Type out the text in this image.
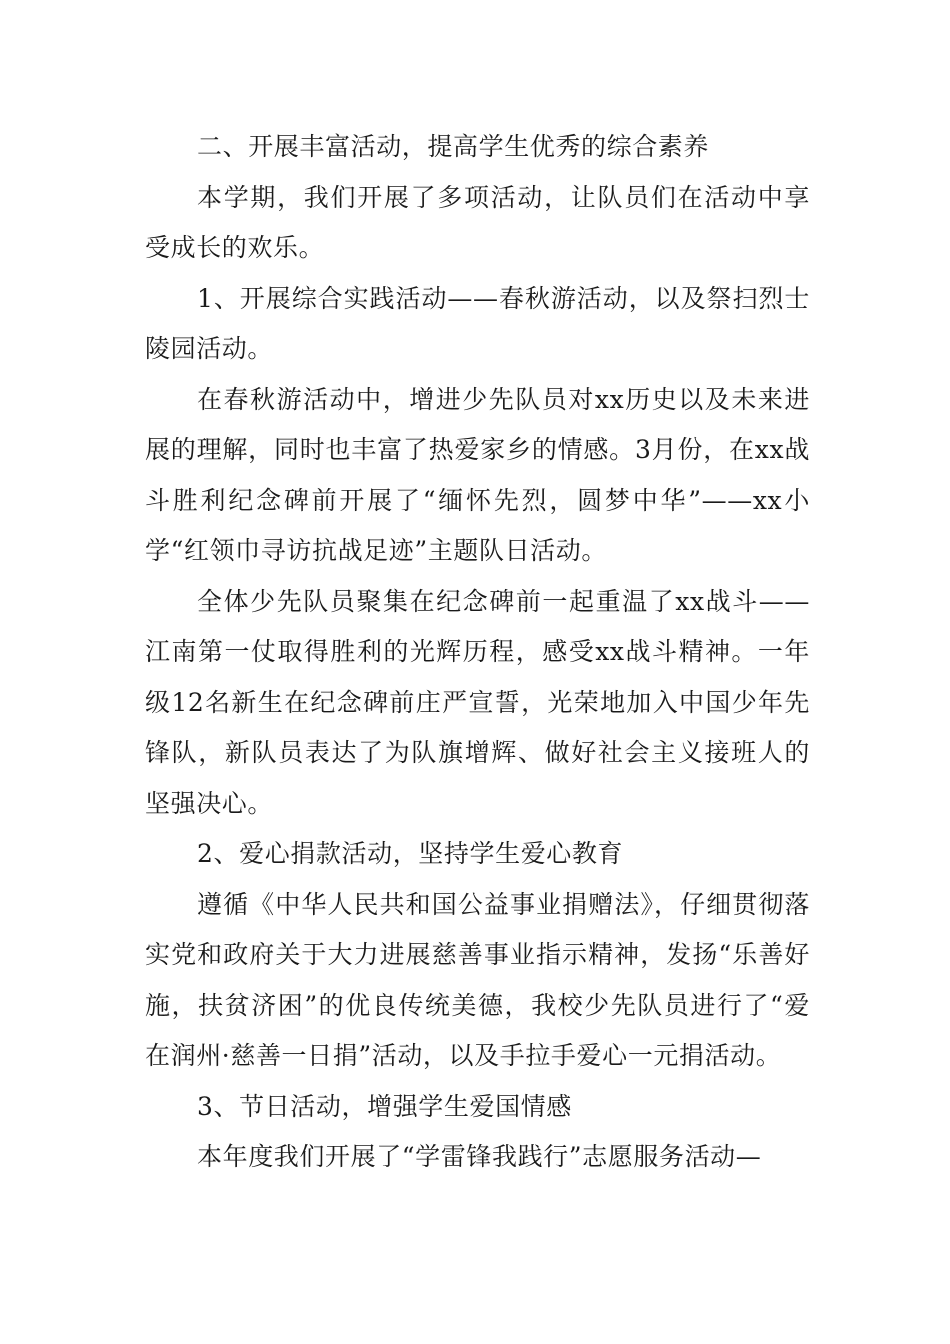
二、开展丰富活动，提高学生优秀的综合素养

本学期，我们开展了多项活动，让队员们在活动中享受成长的欢乐。

1、开展综合实践活动——春秋游活动，以及祭扫烈士陵园活动。

在春秋游活动中，增进少先队员对xx历史以及未来进展的理解，同时也丰富了热爱家乡的情感。3月份，在xx战斗胜利纪念碑前开展了“缅怀先烈，圆梦中华”——xx小学“红领巾寻访抗战足迹”主题队日活动。

全体少先队员聚集在纪念碑前一起重温了xx战斗——江南第一仗取得胜利的光辉历程，感受xx战斗精神。一年级12名新生在纪念碑前庄严宣誓，光荣地加入中国少年先锋队，新队员表达了为队旗增辉、做好社会主义接班人的坚强决心。

2、爱心捐款活动，坚持学生爱心教育

遵循《中华人民共和国公益事业捐赠法》，仔细贯彻落实党和政府关于大力进展慈善事业指示精神，发扬“乐善好施，扶贫济困”的优良传统美德，我校少先队员进行了“爱在润州·慈善一日捐”活动，以及手拉手爱心一元捐活动。

3、节日活动，增强学生爱国情感

本年度我们开展了“学雷锋我践行”志愿服务活动—
